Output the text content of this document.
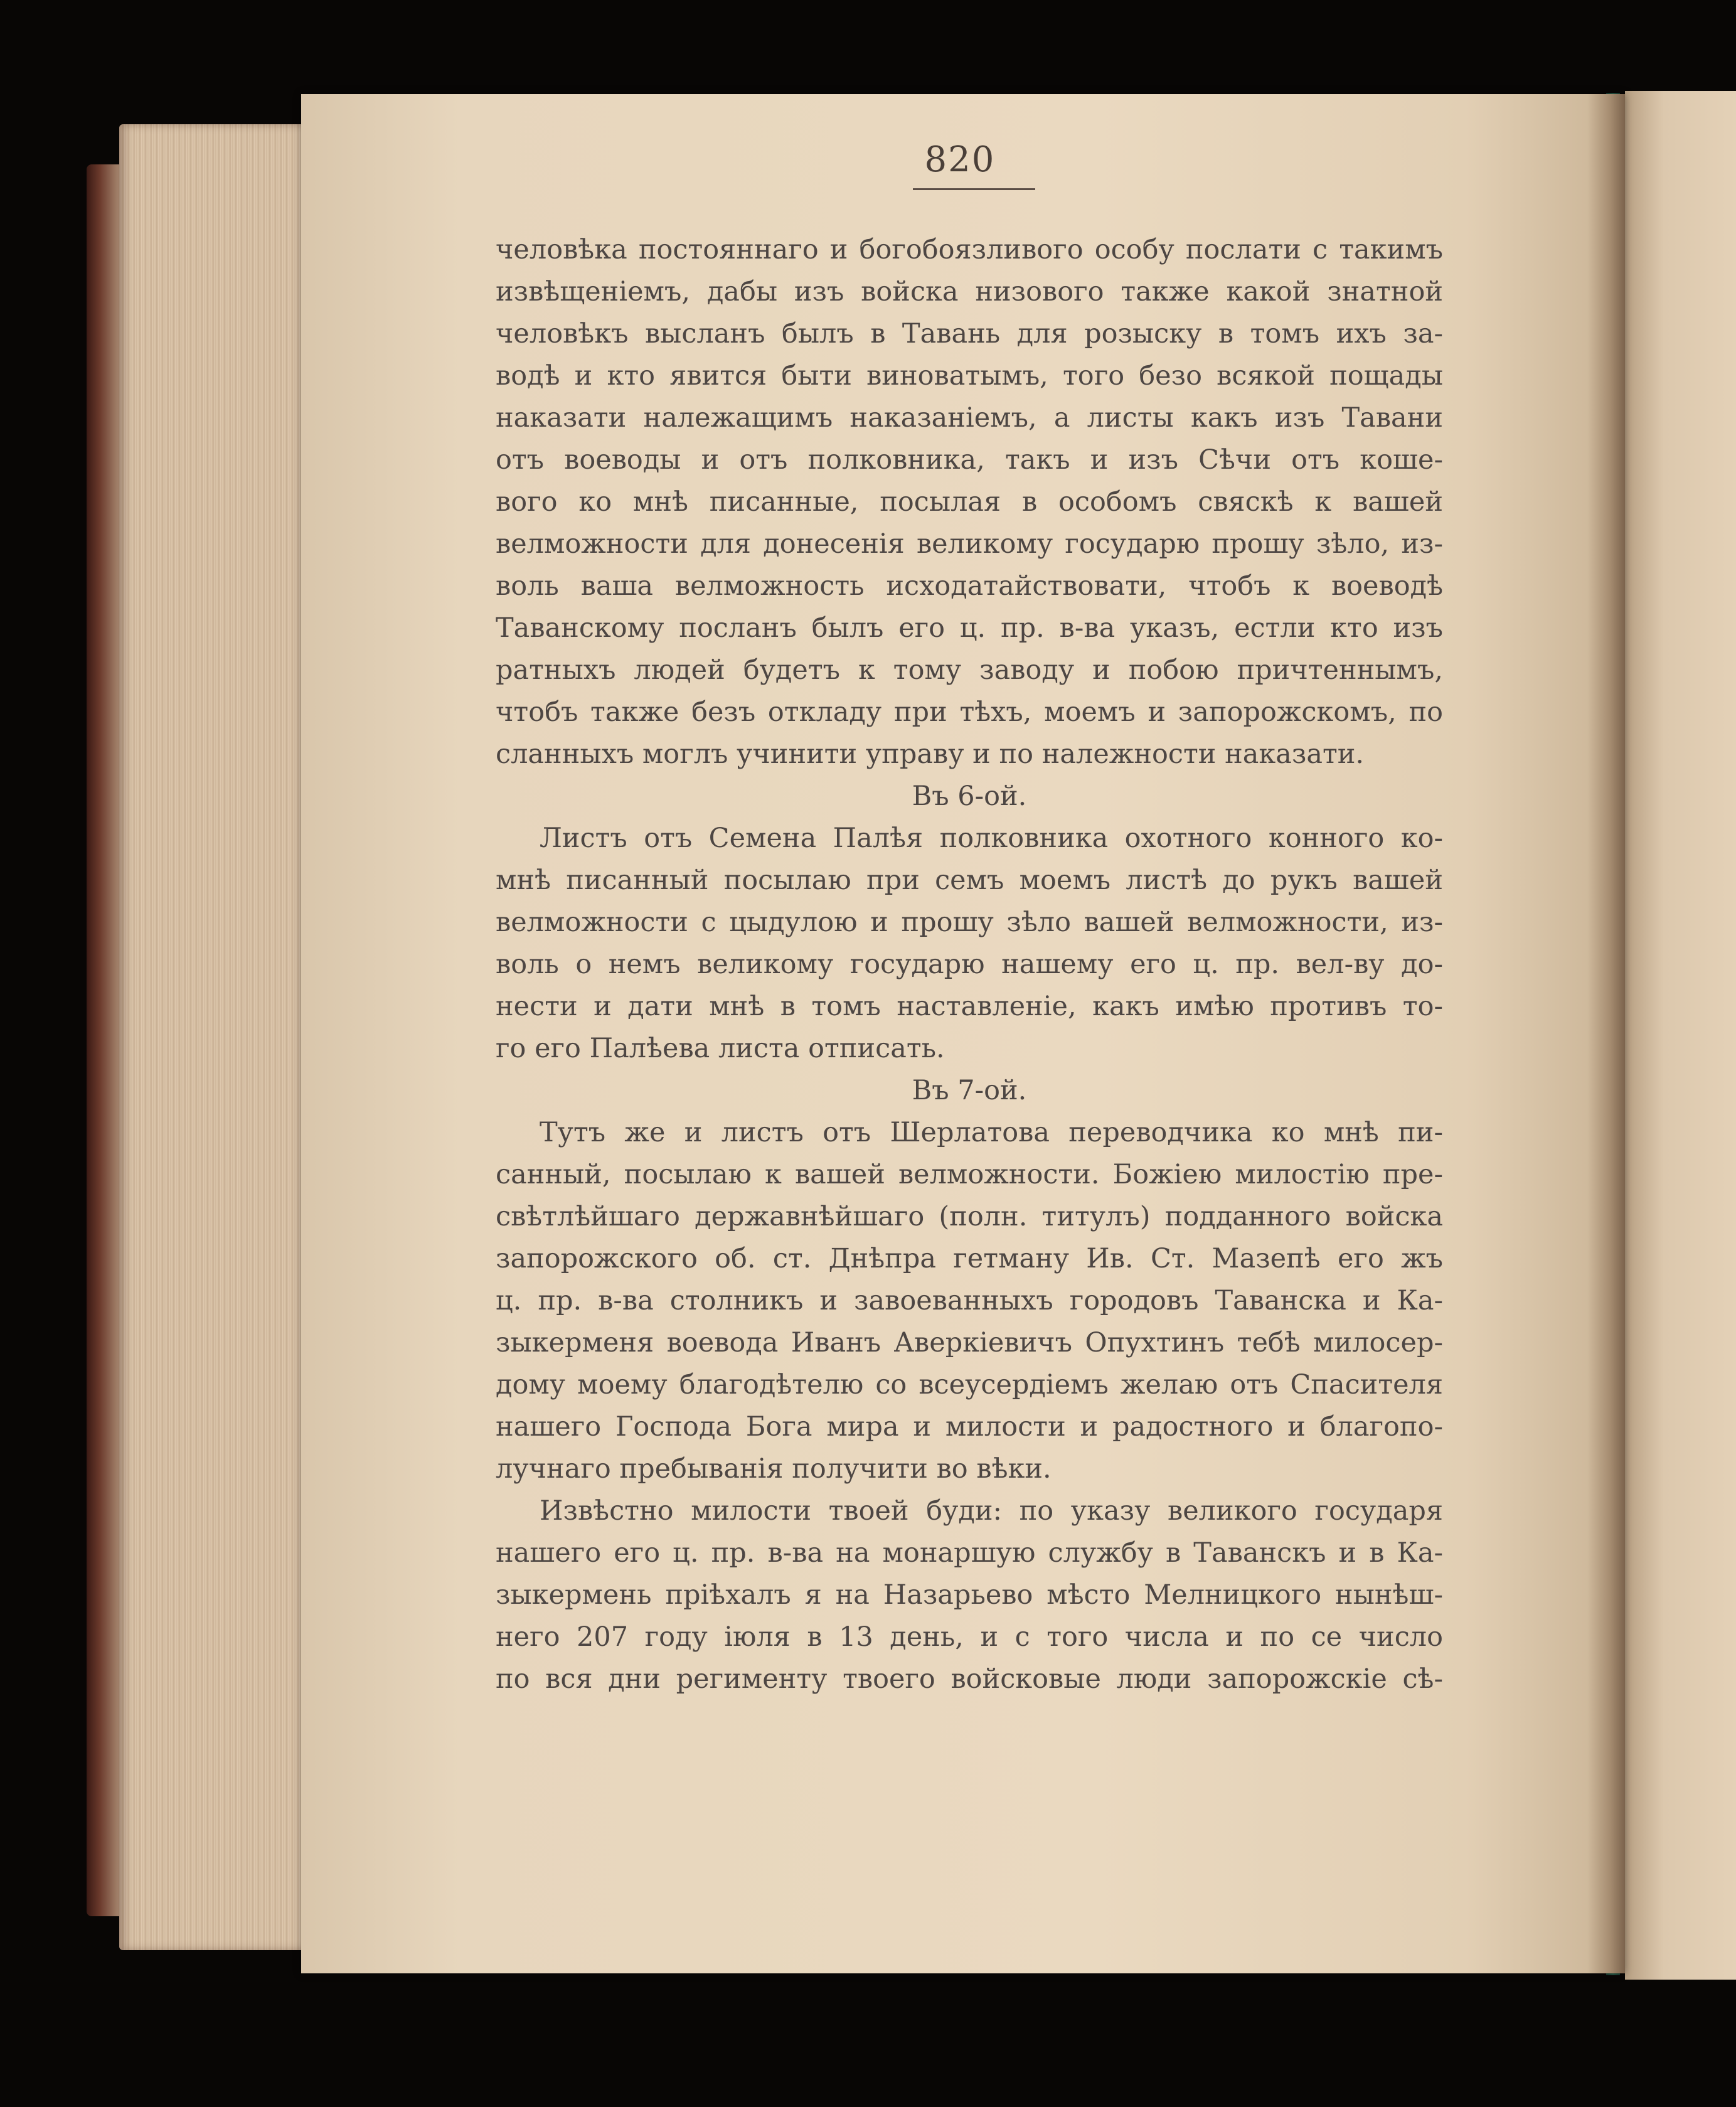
820
человѣка постояннаго и богобоязливого особу послати с такимъ
извѣщеніемъ, дабы изъ войска низового также какой знатной
человѣкъ высланъ былъ в Тавань для розыску в томъ ихъ за-
водѣ и кто явится быти виноватымъ, того безо всякой пощады
наказати належащимъ наказаніемъ, а листы какъ изъ Тавани
отъ воеводы и отъ полковника, такъ и изъ Сѣчи отъ коше-
вого ко мнѣ писанные, посылая в особомъ свяскѣ к вашей
велможности для донесенія великому государю прошу зѣло, из-
воль ваша велможность исходатайствовати, чтобъ к воеводѣ
Таванскому посланъ былъ его ц. пр. в-ва указъ, естли кто изъ
ратныхъ людей будетъ к тому заводу и побою причтеннымъ,
чтобъ также безъ откладу при тѣхъ, моемъ и запорожскомъ, по
сланныхъ моглъ учинити управу и по належности наказати.
Въ 6-ой.
Листъ отъ Семена Палѣя полковника охотного конного ко-
мнѣ писанный посылаю при семъ моемъ листѣ до рукъ вашей
велможности с цыдулою и прошу зѣло вашей велможности, из-
воль о немъ великому государю нашему его ц. пр. вел-ву до-
нести и дати мнѣ в томъ наставленіе, какъ имѣю противъ то-
го его Палѣева листа отписать.
Въ 7-ой.
Тутъ же и листъ отъ Шерлатова переводчика ко мнѣ пи-
санный, посылаю к вашей велможности. Божіею милостію пре-
свѣтлѣйшаго державнѣйшаго (полн. титулъ) подданного войска
запорожского об. ст. Днѣпра гетману Ив. Ст. Мазепѣ его жъ
ц. пр. в-ва столникъ и завоеванныхъ городовъ Таванска и Ка-
зыкерменя воевода Иванъ Аверкіевичъ Опухтинъ тебѣ милосер-
дому моему благодѣтелю со всеусердіемъ желаю отъ Спасителя
нашего Господа Бога мира и милости и радостного и благопо-
лучнаго пребыванія получити во вѣки.
Извѣстно милости твоей буди: по указу великого государя
нашего его ц. пр. в-ва на монаршую службу в Таванскъ и в Ка-
зыкермень пріѣхалъ я на Назарьево мѣсто Мелницкого нынѣш-
него 207 году іюля в 13 день, и с того числа и по се число
по вся дни регименту твоего войсковые люди запорожскіе сѣ-
